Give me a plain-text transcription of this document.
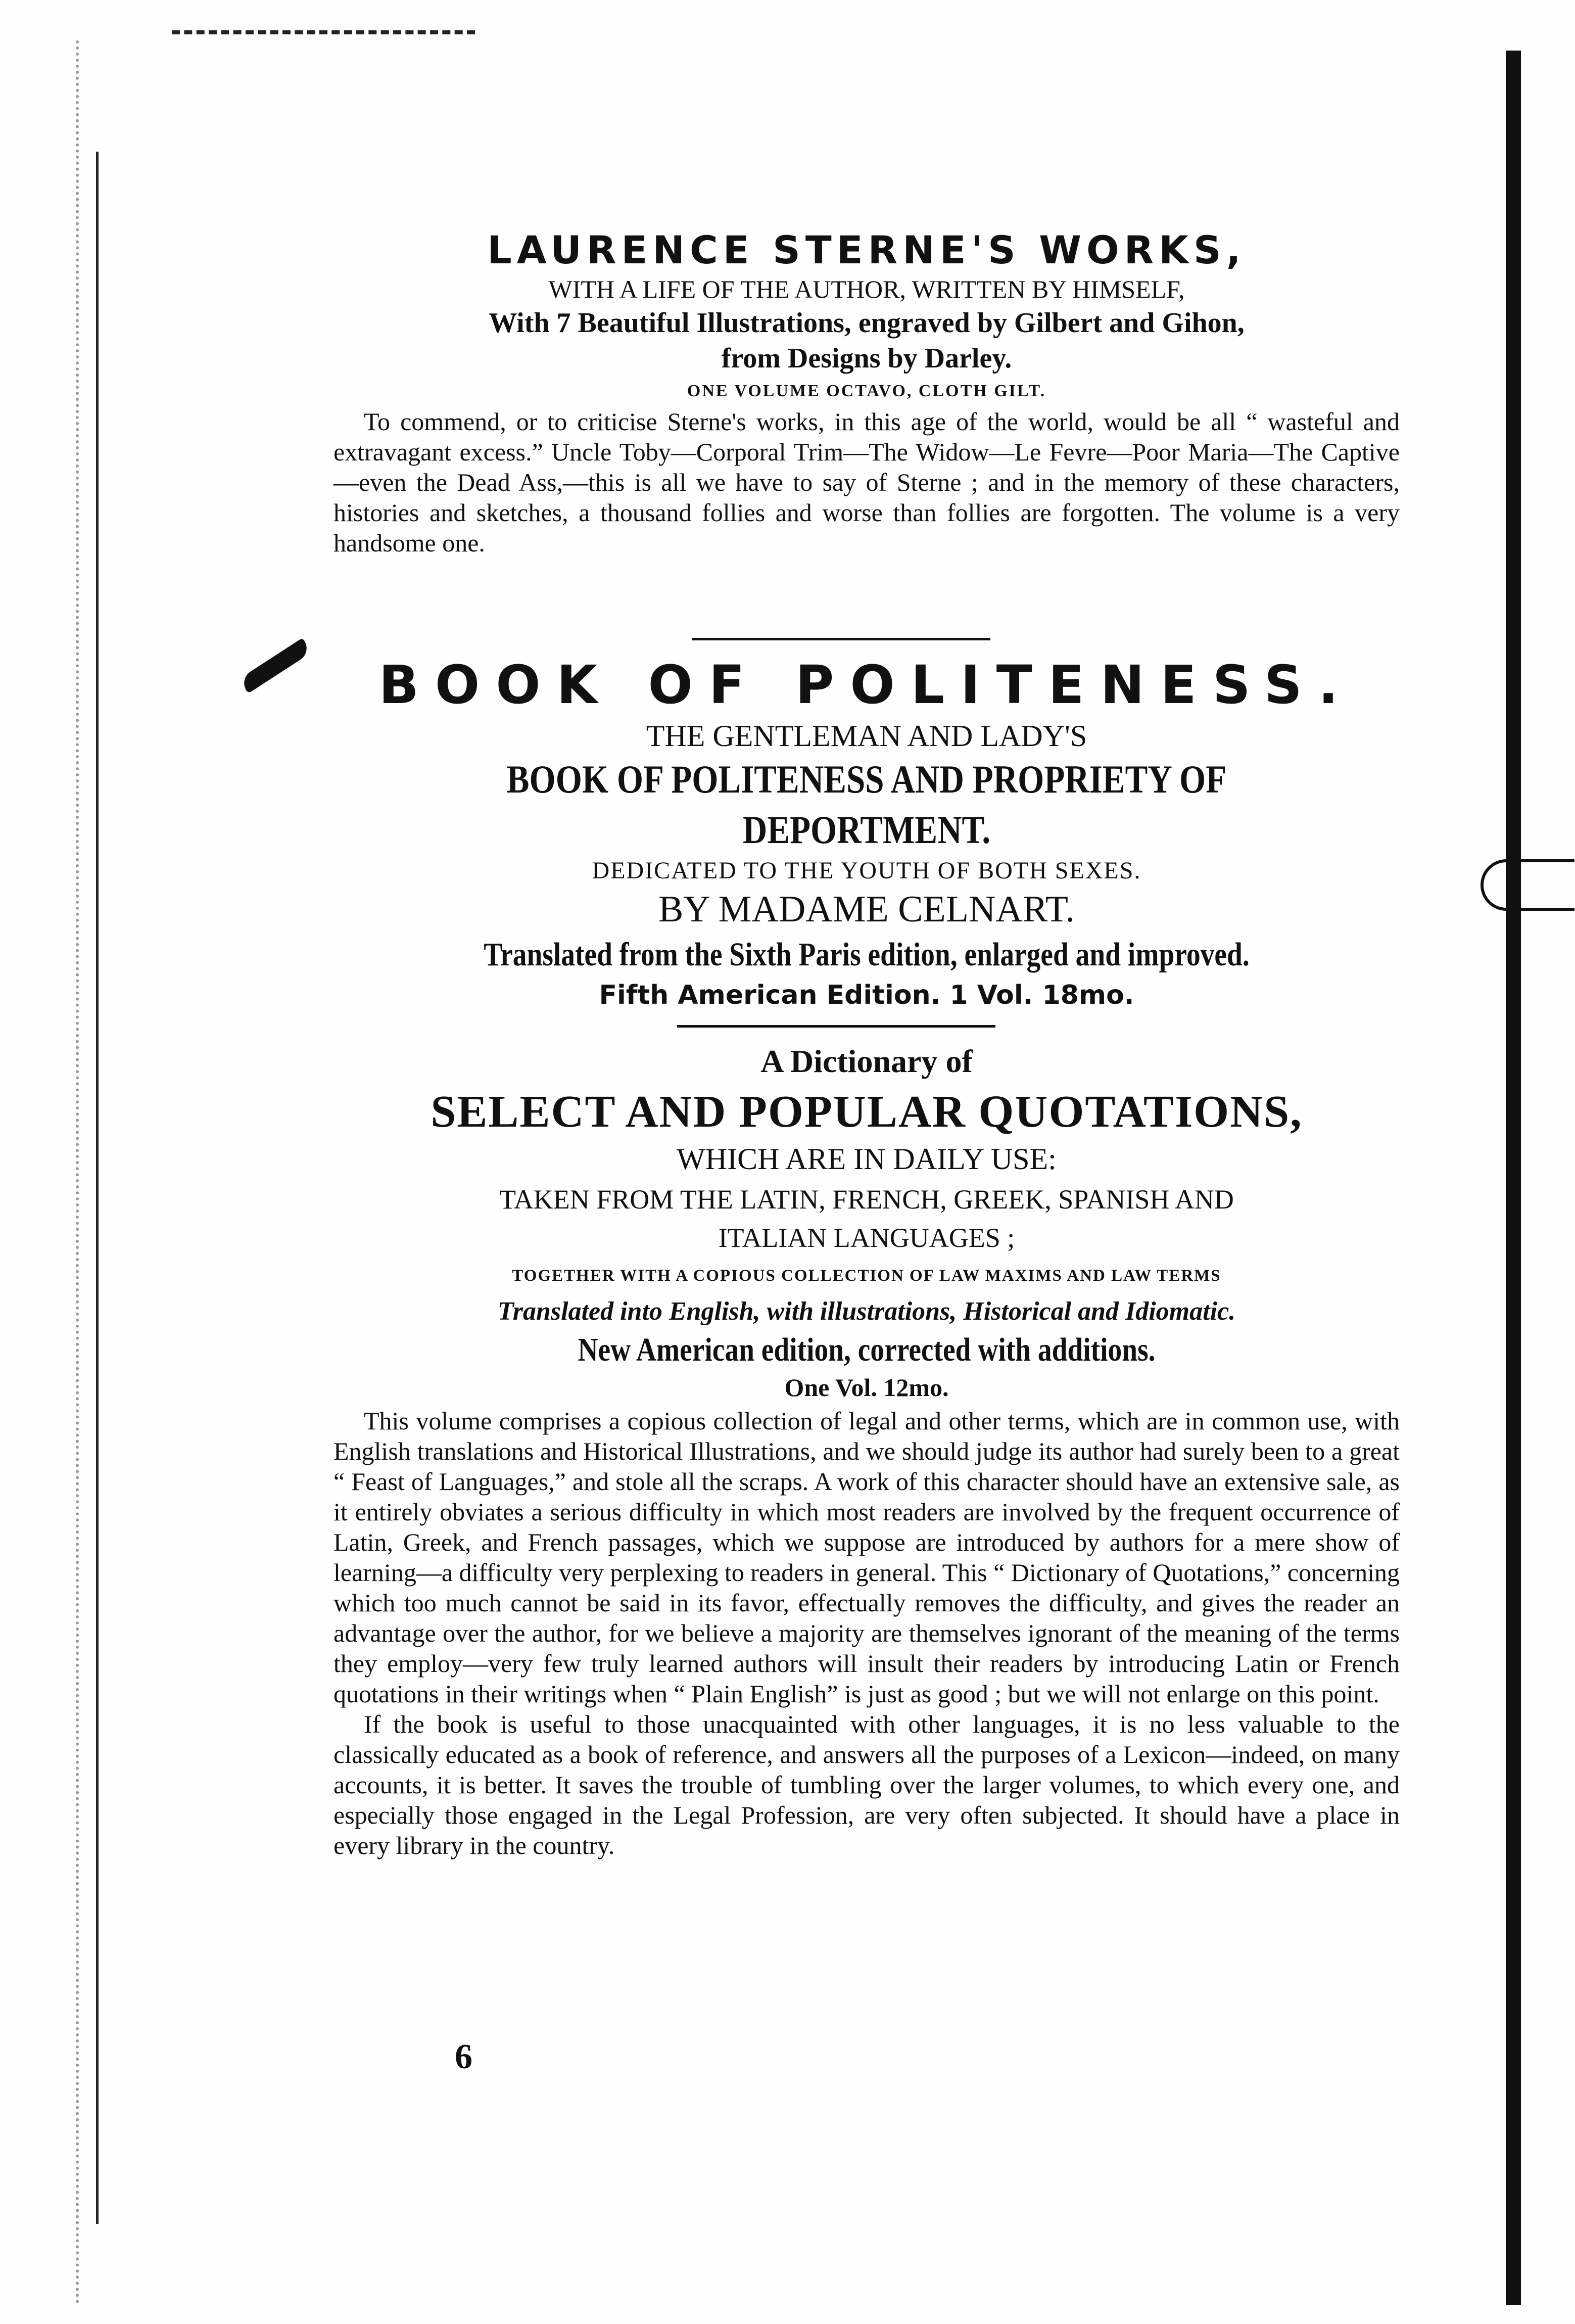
LAURENCE STERNE'S WORKS,
WITH A LIFE OF THE AUTHOR, WRITTEN BY HIMSELF,
With 7 Beautiful Illustrations, engraved by Gilbert and Gihon,
from Designs by Darley.
ONE VOLUME OCTAVO, CLOTH GILT.

To commend, or to criticise Sterne's works, in this age of the world, would be all “ wasteful and extravagant excess.” Uncle Toby—Corporal Trim—The Widow—Le Fevre—Poor Maria—The Captive—even the Dead Ass,—this is all we have to say of Sterne ; and in the memory of these characters, histories and sketches, a thousand follies and worse than follies are forgotten. The volume is a very handsome one.

BOOK OF POLITENESS.
THE GENTLEMAN AND LADY'S
BOOK OF POLITENESS AND PROPRIETY OF DEPORTMENT.
DEDICATED TO THE YOUTH OF BOTH SEXES.
BY MADAME CELNART.
Translated from the Sixth Paris edition, enlarged and improved.
Fifth American Edition. 1 Vol. 18mo.
A Dictionary of
SELECT AND POPULAR QUOTATIONS,
WHICH ARE IN DAILY USE:
TAKEN FROM THE LATIN, FRENCH, GREEK, SPANISH AND
ITALIAN LANGUAGES ;
TOGETHER WITH A COPIOUS COLLECTION OF LAW MAXIMS AND LAW TERMS
Translated into English, with illustrations, Historical and Idiomatic.
New American edition, corrected with additions.
One Vol. 12mo.

This volume comprises a copious collection of legal and other terms, which are in common use, with English translations and Historical Illustrations, and we should judge its author had surely been to a great “ Feast of Languages,” and stole all the scraps. A work of this character should have an extensive sale, as it entirely obviates a serious difficulty in which most readers are involved by the frequent occurrence of Latin, Greek, and French passages, which we suppose are introduced by authors for a mere show of learning—a difficulty very perplexing to readers in general. This “ Dictionary of Quotations,” concerning which too much cannot be said in its favor, effectually removes the difficulty, and gives the reader an advantage over the author, for we believe a majority are themselves ignorant of the meaning of the terms they employ—very few truly learned authors will insult their readers by introducing Latin or French quotations in their writings when “ Plain English” is just as good ; but we will not enlarge on this point.

If the book is useful to those unacquainted with other languages, it is no less valuable to the classically educated as a book of reference, and answers all the purposes of a Lexicon—indeed, on many accounts, it is better. It saves the trouble of tumbling over the larger volumes, to which every one, and especially those engaged in the Legal Profession, are very often subjected. It should have a place in every library in the country.

6
